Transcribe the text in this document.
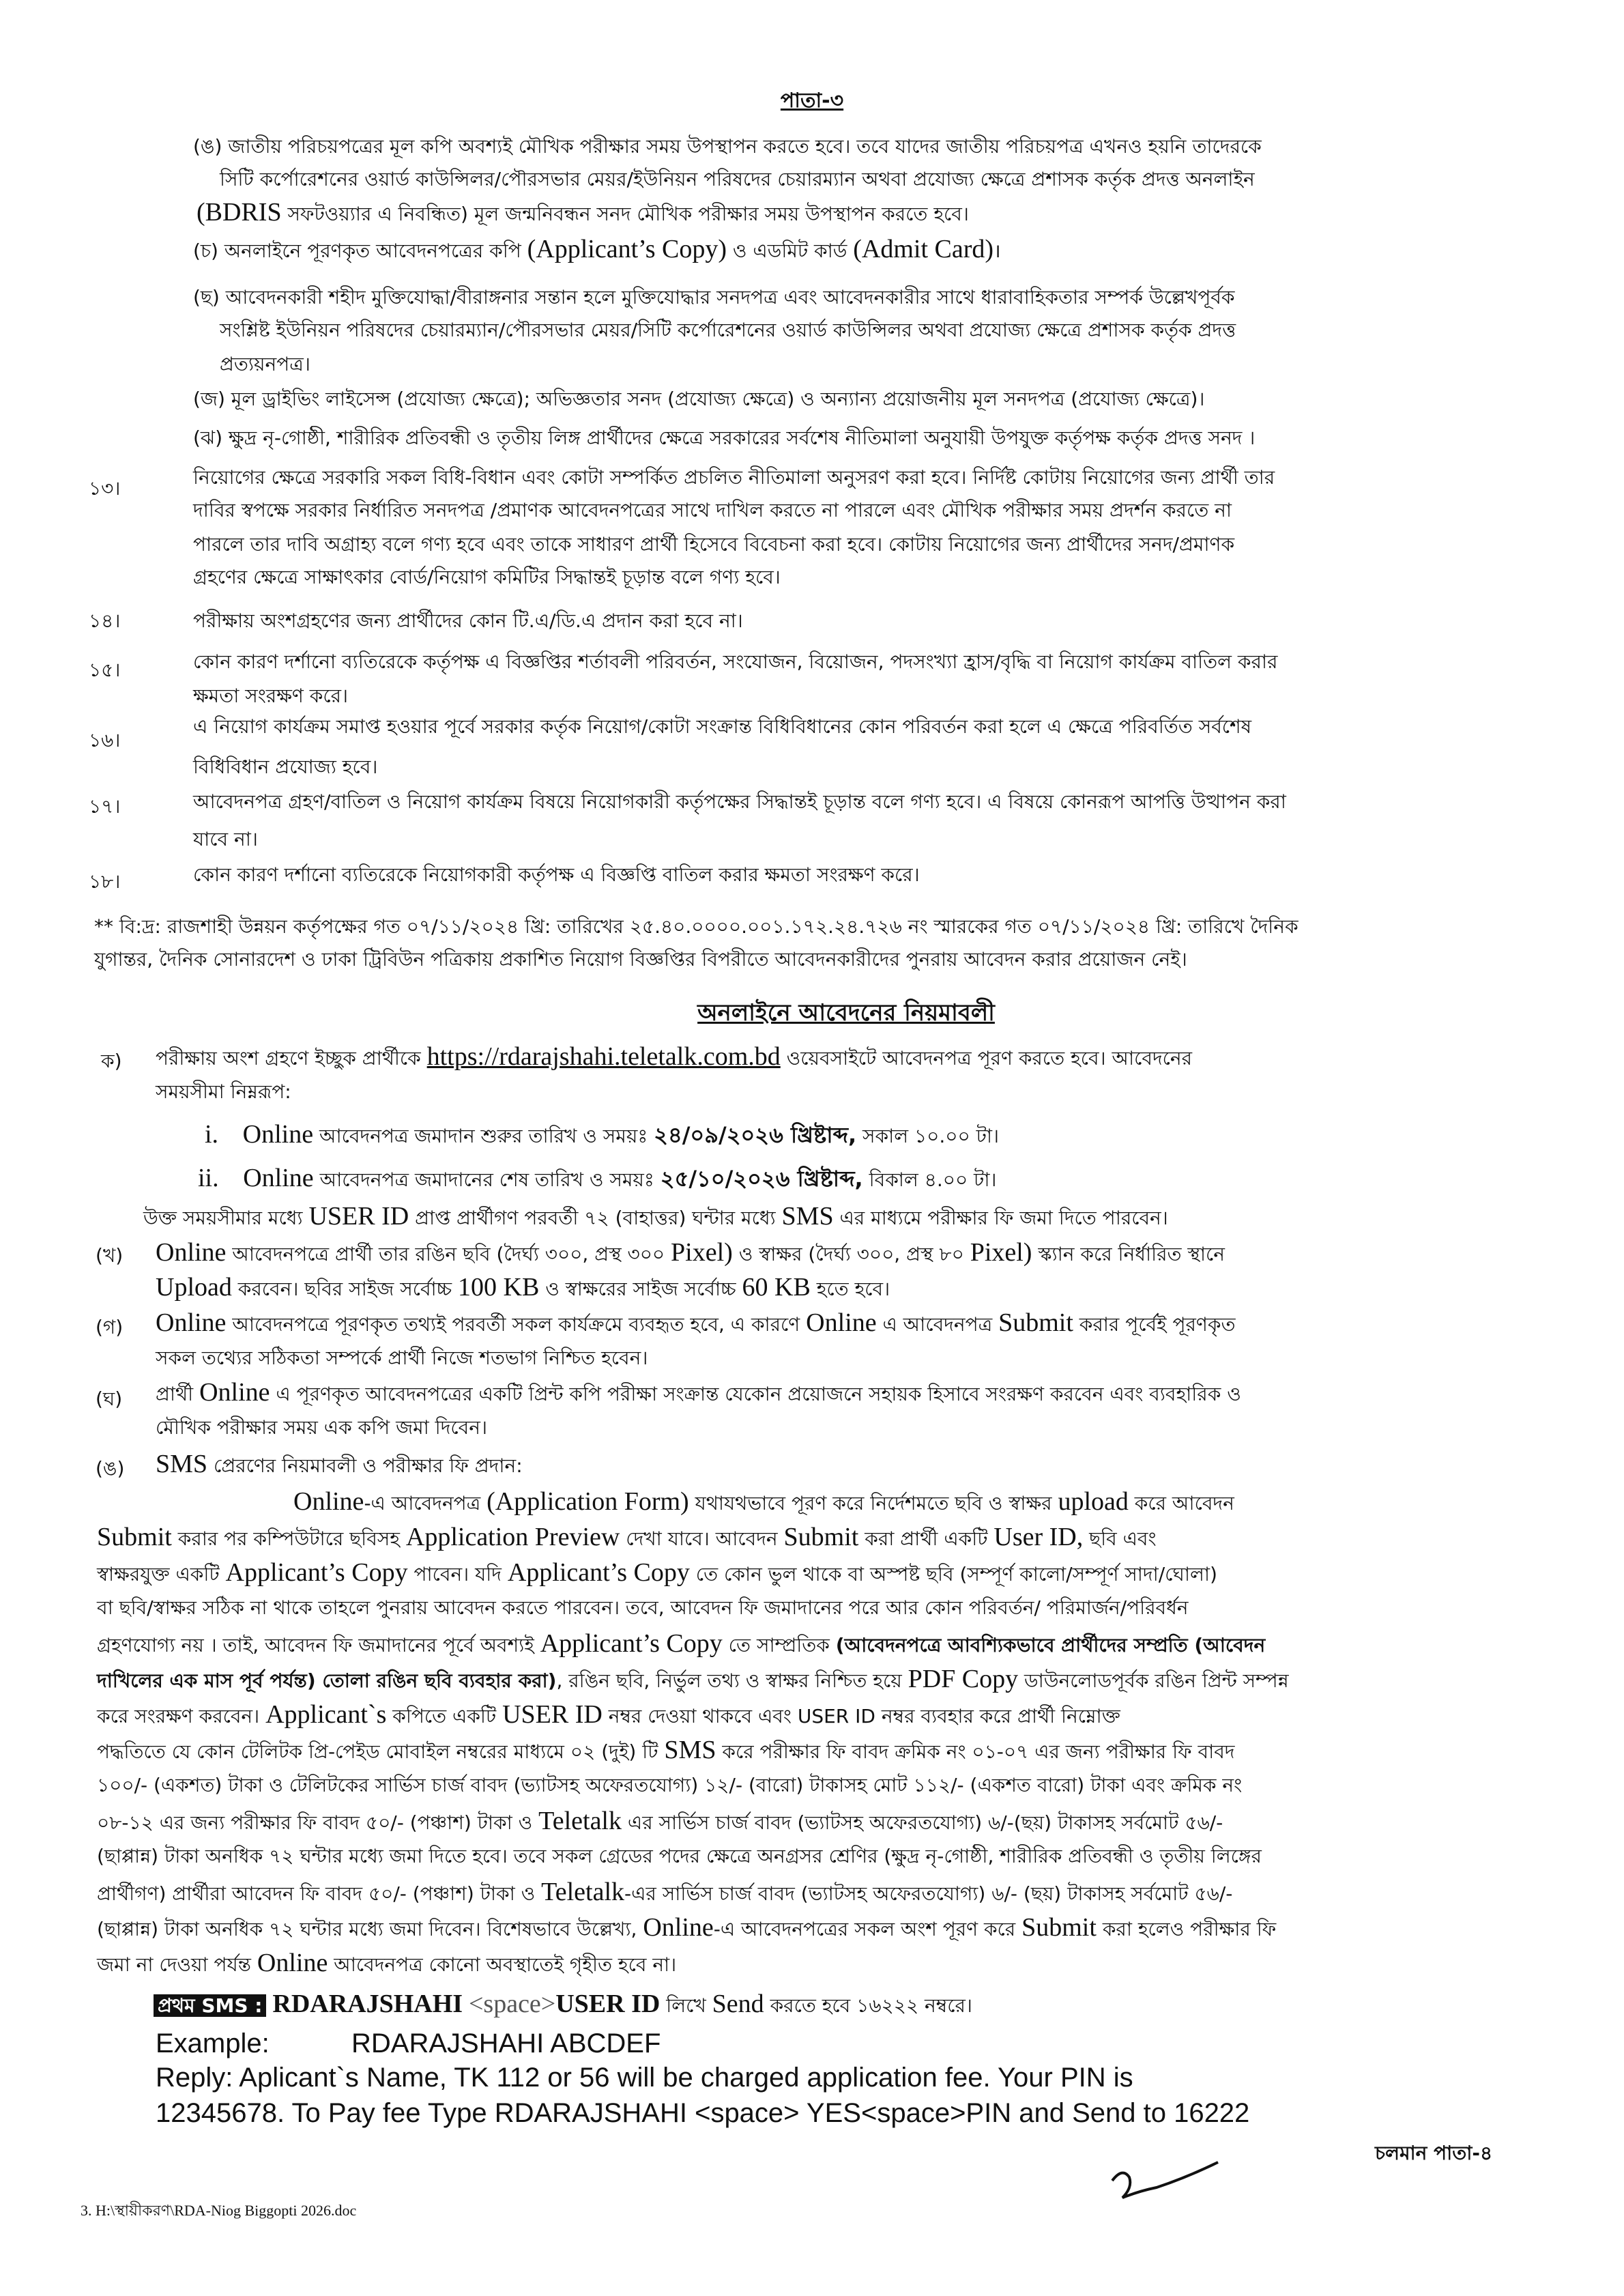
পাতা-৩
(ঙ) জাতীয় পরিচয়পত্রের মূল কপি অবশ্যই মৌখিক পরীক্ষার সময় উপস্থাপন করতে হবে। তবে যাদের জাতীয় পরিচয়পত্র এখনও হয়নি তাদেরকে
সিটি কর্পোরেশনের ওয়ার্ড কাউন্সিলর/পৌরসভার মেয়র/ইউনিয়ন পরিষদের চেয়ারম্যান অথবা প্রযোজ্য ক্ষেত্রে প্রশাসক কর্তৃক প্রদত্ত অনলাইন
(BDRIS সফটওয়্যার এ নিবন্ধিত) মূল জন্মনিবন্ধন সনদ মৌখিক পরীক্ষার সময় উপস্থাপন করতে হবে।
(চ) অনলাইনে পূরণকৃত আবেদনপত্রের কপি (Applicant’s Copy) ও এডমিট কার্ড (Admit Card)।
(ছ) আবেদনকারী শহীদ মুক্তিযোদ্ধা/বীরাঙ্গনার সন্তান হলে মুক্তিযোদ্ধার সনদপত্র এবং আবেদনকারীর সাথে ধারাবাহিকতার সম্পর্ক উল্লেখপূর্বক
সংশ্লিষ্ট ইউনিয়ন পরিষদের চেয়ারম্যান/পৌরসভার মেয়র/সিটি কর্পোরেশনের ওয়ার্ড কাউন্সিলর অথবা প্রযোজ্য ক্ষেত্রে প্রশাসক কর্তৃক প্রদত্ত
প্রত্যয়নপত্র।
(জ) মূল ড্রাইভিং লাইসেন্স (প্রযোজ্য ক্ষেত্রে); অভিজ্ঞতার সনদ (প্রযোজ্য ক্ষেত্রে) ও অন্যান্য প্রয়োজনীয় মূল সনদপত্র (প্রযোজ্য ক্ষেত্রে)।
(ঝ) ক্ষুদ্র নৃ-গোষ্ঠী, শারীরিক প্রতিবন্ধী ও তৃতীয় লিঙ্গ প্রার্থীদের ক্ষেত্রে সরকারের সর্বশেষ নীতিমালা অনুযায়ী উপযুক্ত কর্তৃপক্ষ কর্তৃক প্রদত্ত সনদ ।
১৩।	নিয়োগের ক্ষেত্রে সরকারি সকল বিধি-বিধান এবং কোটা সম্পর্কিত প্রচলিত নীতিমালা অনুসরণ করা হবে। নির্দিষ্ট কোটায় নিয়োগের জন্য প্রার্থী তার
দাবির স্বপক্ষে সরকার নির্ধারিত সনদপত্র /প্রমাণক আবেদনপত্রের সাথে দাখিল করতে না পারলে এবং মৌখিক পরীক্ষার সময় প্রদর্শন করতে না
পারলে তার দাবি অগ্রাহ্য বলে গণ্য হবে এবং তাকে সাধারণ প্রার্থী হিসেবে বিবেচনা করা হবে। কোটায় নিয়োগের জন্য প্রার্থীদের সনদ/প্রমাণক
গ্রহণের ক্ষেত্রে সাক্ষাৎকার বোর্ড/নিয়োগ কমিটির সিদ্ধান্তই চূড়ান্ত বলে গণ্য হবে।
১৪।	পরীক্ষায় অংশগ্রহণের জন্য প্রার্থীদের কোন টি.এ/ডি.এ প্রদান করা হবে না।
১৫।	কোন কারণ দর্শানো ব্যতিরেকে কর্তৃপক্ষ এ বিজ্ঞপ্তির শর্তাবলী পরিবর্তন, সংযোজন, বিয়োজন, পদসংখ্যা হ্রাস/বৃদ্ধি বা নিয়োগ কার্যক্রম বাতিল করার
ক্ষমতা সংরক্ষণ করে।
১৬।
এ নিয়োগ কার্যক্রম সমাপ্ত হওয়ার পূর্বে সরকার কর্তৃক নিয়োগ/কোটা সংক্রান্ত বিধিবিধানের কোন পরিবর্তন করা হলে এ ক্ষেত্রে পরিবর্তিত সর্বশেষ
বিধিবিধান প্রযোজ্য হবে।
১৭।	আবেদনপত্র গ্রহণ/বাতিল ও নিয়োগ কার্যক্রম বিষয়ে নিয়োগকারী কর্তৃপক্ষের সিদ্ধান্তই চূড়ান্ত বলে গণ্য হবে। এ বিষয়ে কোনরূপ আপত্তি উত্থাপন করা
যাবে না।
১৮।	কোন কারণ দর্শানো ব্যতিরেকে নিয়োগকারী কর্তৃপক্ষ এ বিজ্ঞপ্তি বাতিল করার ক্ষমতা সংরক্ষণ করে।
** বি:দ্র: রাজশাহী উন্নয়ন কর্তৃপক্ষের গত ০৭/১১/২০২৪ খ্রি: তারিখের ২৫.৪০.০০০০.০০১.১৭২.২৪.৭২৬ নং স্মারকের গত ০৭/১১/২০২৪ খ্রি: তারিখে দৈনিক
যুগান্তর, দৈনিক সোনারদেশ ও ঢাকা ট্রিবিউন পত্রিকায় প্রকাশিত নিয়োগ বিজ্ঞপ্তির বিপরীতে আবেদনকারীদের পুনরায় আবেদন করার প্রয়োজন নেই।
অনলাইনে আবেদনের নিয়মাবলী
ক) পরীক্ষায় অংশ গ্রহণে ইচ্ছুক প্রার্থীকে https://rdarajshahi.teletalk.com.bd ওয়েবসাইটে আবেদনপত্র পূরণ করতে হবে। আবেদনের
সময়সীমা নিম্নরূপ:
i. Online আবেদনপত্র জমাদান শুরুর তারিখ ও সময়ঃ ২৪/০৯/২০২৬ খ্রিষ্টাব্দ, সকাল ১০.০০ টা।
ii. Online আবেদনপত্র জমাদানের শেষ তারিখ ও সময়ঃ ২৫/১০/২০২৬ খ্রিষ্টাব্দ, বিকাল ৪.০০ টা।
উক্ত সময়সীমার মধ্যে USER ID প্রাপ্ত প্রার্থীগণ পরবর্তী ৭২ (বাহাত্তর) ঘন্টার মধ্যে SMS এর মাধ্যমে পরীক্ষার ফি জমা দিতে পারবেন।
(খ) Online আবেদনপত্রে প্রার্থী তার রঙিন ছবি (দৈর্ঘ্য ৩০০, প্রস্থ ৩০০ Pixel) ও স্বাক্ষর (দৈর্ঘ্য ৩০০, প্রস্থ ৮০ Pixel) স্ক্যান করে নির্ধারিত স্থানে
Upload করবেন। ছবির সাইজ সর্বোচ্চ 100 KB ও স্বাক্ষরের সাইজ সর্বোচ্চ 60 KB হতে হবে।
(গ) Online আবেদনপত্রে পূরণকৃত তথ্যই পরবর্তী সকল কার্যক্রমে ব্যবহৃত হবে, এ কারণে Online এ আবেদনপত্র Submit করার পূর্বেই পূরণকৃত
সকল তথ্যের সঠিকতা সম্পর্কে প্রার্থী নিজে শতভাগ নিশ্চিত হবেন।
(ঘ) প্রার্থী Online এ পূরণকৃত আবেদনপত্রের একটি প্রিন্ট কপি পরীক্ষা সংক্রান্ত যেকোন প্রয়োজনে সহায়ক হিসাবে সংরক্ষণ করবেন এবং ব্যবহারিক ও
মৌখিক পরীক্ষার সময় এক কপি জমা দিবেন।
(ঙ) SMS প্রেরণের নিয়মাবলী ও পরীক্ষার ফি প্রদান:
Online-এ আবেদনপত্র (Application Form) যথাযথভাবে পূরণ করে নির্দেশমতে ছবি ও স্বাক্ষর upload করে আবেদন
Submit করার পর কম্পিউটারে ছবিসহ Application Preview দেখা যাবে। আবেদন Submit করা প্রার্থী একটি User ID, ছবি এবং
স্বাক্ষরযুক্ত একটি Applicant’s Copy পাবেন। যদি Applicant’s Copy তে কোন ভুল থাকে বা অস্পষ্ট ছবি (সম্পূর্ণ কালো/সম্পূর্ণ সাদা/ঘোলা)
বা ছবি/স্বাক্ষর সঠিক না থাকে তাহলে পুনরায় আবেদন করতে পারবেন। তবে, আবেদন ফি জমাদানের পরে আর কোন পরিবর্তন/ পরিমার্জন/পরিবর্ধন
গ্রহণযোগ্য নয় । তাই, আবেদন ফি জমাদানের পূর্বে অবশ্যই Applicant’s Copy তে সাম্প্রতিক (আবেদনপত্রে আবশ্যিকভাবে প্রার্থীদের সম্প্রতি (আবেদন
দাখিলের এক মাস পূর্ব পর্যন্ত) তোলা রঙিন ছবি ব্যবহার করা), রঙিন ছবি, নির্ভুল তথ্য ও স্বাক্ষর নিশ্চিত হয়ে PDF Copy ডাউনলোডপূর্বক রঙিন প্রিন্ট সম্পন্ন
করে সংরক্ষণ করবেন। Applicant`s কপিতে একটি USER ID নম্বর দেওয়া থাকবে এবং USER ID নম্বর ব্যবহার করে প্রার্থী নিম্নোক্ত
পদ্ধতিতে যে কোন টেলিটক প্রি-পেইড মোবাইল নম্বরের মাধ্যমে ০২ (দুই) টি SMS করে পরীক্ষার ফি বাবদ ক্রমিক নং ০১-০৭ এর জন্য পরীক্ষার ফি বাবদ
১০০/- (একশত) টাকা ও টেলিটকের সার্ভিস চার্জ বাবদ (ভ্যাটসহ অফেরতযোগ্য) ১২/- (বারো) টাকাসহ মোট ১১২/- (একশত বারো) টাকা এবং ক্রমিক নং
০৮-১২ এর জন্য পরীক্ষার ফি বাবদ ৫০/- (পঞ্চাশ) টাকা ও Teletalk এর সার্ভিস চার্জ বাবদ (ভ্যাটসহ অফেরতযোগ্য) ৬/-(ছয়) টাকাসহ সর্বমোট ৫৬/-
(ছাপ্পান্ন) টাকা অনধিক ৭২ ঘন্টার মধ্যে জমা দিতে হবে। তবে সকল গ্রেডের পদের ক্ষেত্রে অনগ্রসর শ্রেণির (ক্ষুদ্র নৃ-গোষ্ঠী, শারীরিক প্রতিবন্ধী ও তৃতীয় লিঙ্গের
প্রার্থীগণ) প্রার্থীরা আবেদন ফি বাবদ ৫০/- (পঞ্চাশ) টাকা ও Teletalk-এর সার্ভিস চার্জ বাবদ (ভ্যাটসহ অফেরতযোগ্য) ৬/- (ছয়) টাকাসহ সর্বমোট ৫৬/-
(ছাপ্পান্ন) টাকা অনধিক ৭২ ঘন্টার মধ্যে জমা দিবেন। বিশেষভাবে উল্লেখ্য, Online-এ আবেদনপত্রের সকল অংশ পূরণ করে Submit করা হলেও পরীক্ষার ফি
জমা না দেওয়া পর্যন্ত Online আবেদনপত্র কোনো অবস্থাতেই গৃহীত হবে না।
প্রথম SMS : RDARAJSHAHI <space>USER ID লিখে Send করতে হবে ১৬২২২ নম্বরে।
Example:	RDARAJSHAHI ABCDEF
Reply: Aplicant`s Name, TK 112 or 56 will be charged application fee. Your PIN is
12345678. To Pay fee Type RDARAJSHAHI <space> YES<space>PIN and Send to 16222
চলমান পাতা-৪
3. H:\স্থায়ীকরণ\RDA-Niog Biggopti 2026.doc
